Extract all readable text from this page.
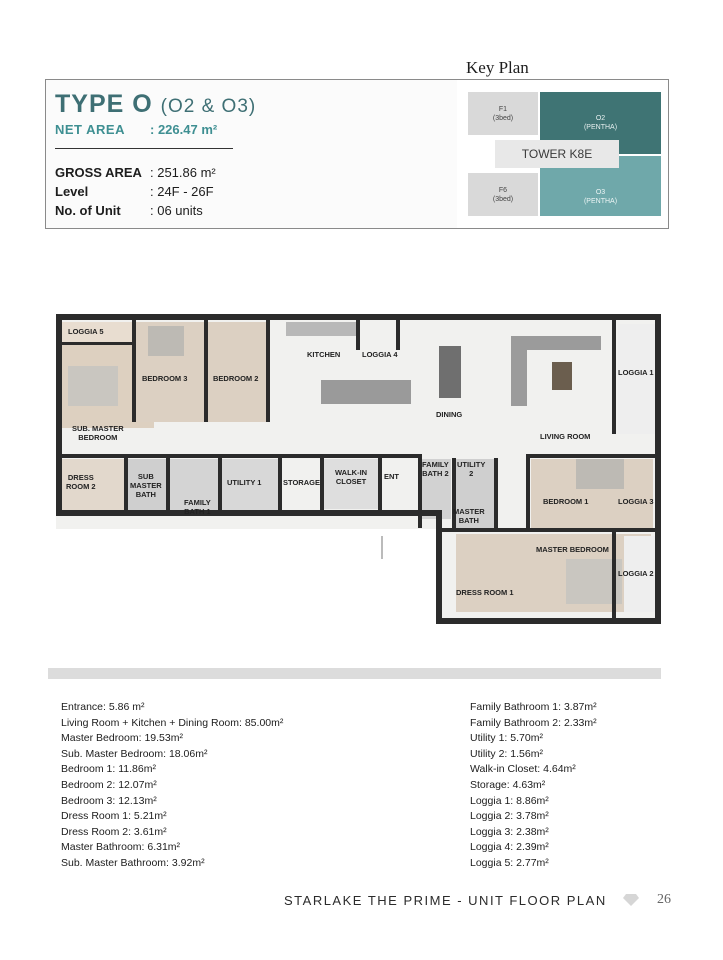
Key Plan
TYPE O (O2 & O3)
NET AREA : 226.47 m²
GROSS AREA : 251.86 m²
Level	: 24F - 26F
No. of Unit : 06 units
F1
(3bed)	O2
(PENTHA)
F6
(3bed)
O3
(PENTHA)
TOWER K8E
LOGGIA 5
BEDROOM 3	BEDROOM 2
KITCHEN	LOGGIA 4
DINING
LOGGIA 1
LIVING ROOM
SUB. MASTER
BEDROOM
DRESS
ROOM 2
SUB
MASTER
BATH
FAMILY
BATH 1
UTILITY 1	STORAGE
WALK-IN
CLOSET
ENT
FAMILY
BATH 2
UTILITY
2
MASTER
BATH
BEDROOM 1	LOGGIA 3
MASTER BEDROOM
LOGGIA 2
DRESS ROOM 1
Entrance: 5.86 m²
Living Room + Kitchen + Dining Room: 85.00m²
Master Bedroom: 19.53m²
Sub. Master Bedroom: 18.06m²
Bedroom 1: 11.86m²
Bedroom 2: 12.07m²
Bedroom 3: 12.13m²
Dress Room 1: 5.21m²
Dress Room 2: 3.61m²
Master Bathroom: 6.31m²
Sub. Master Bathroom: 3.92m²
Family Bathroom 1: 3.87m²
Family Bathroom 2: 2.33m²
Utility 1: 5.70m²
Utility 2: 1.56m²
Walk-in Closet: 4.64m²
Storage: 4.63m²
Loggia 1: 8.86m²
Loggia 2: 3.78m²
Loggia 3: 2.38m²
Loggia 4: 2.39m²
Loggia 5: 2.77m²
STARLAKE THE PRIME - UNIT FLOOR PLAN	26
